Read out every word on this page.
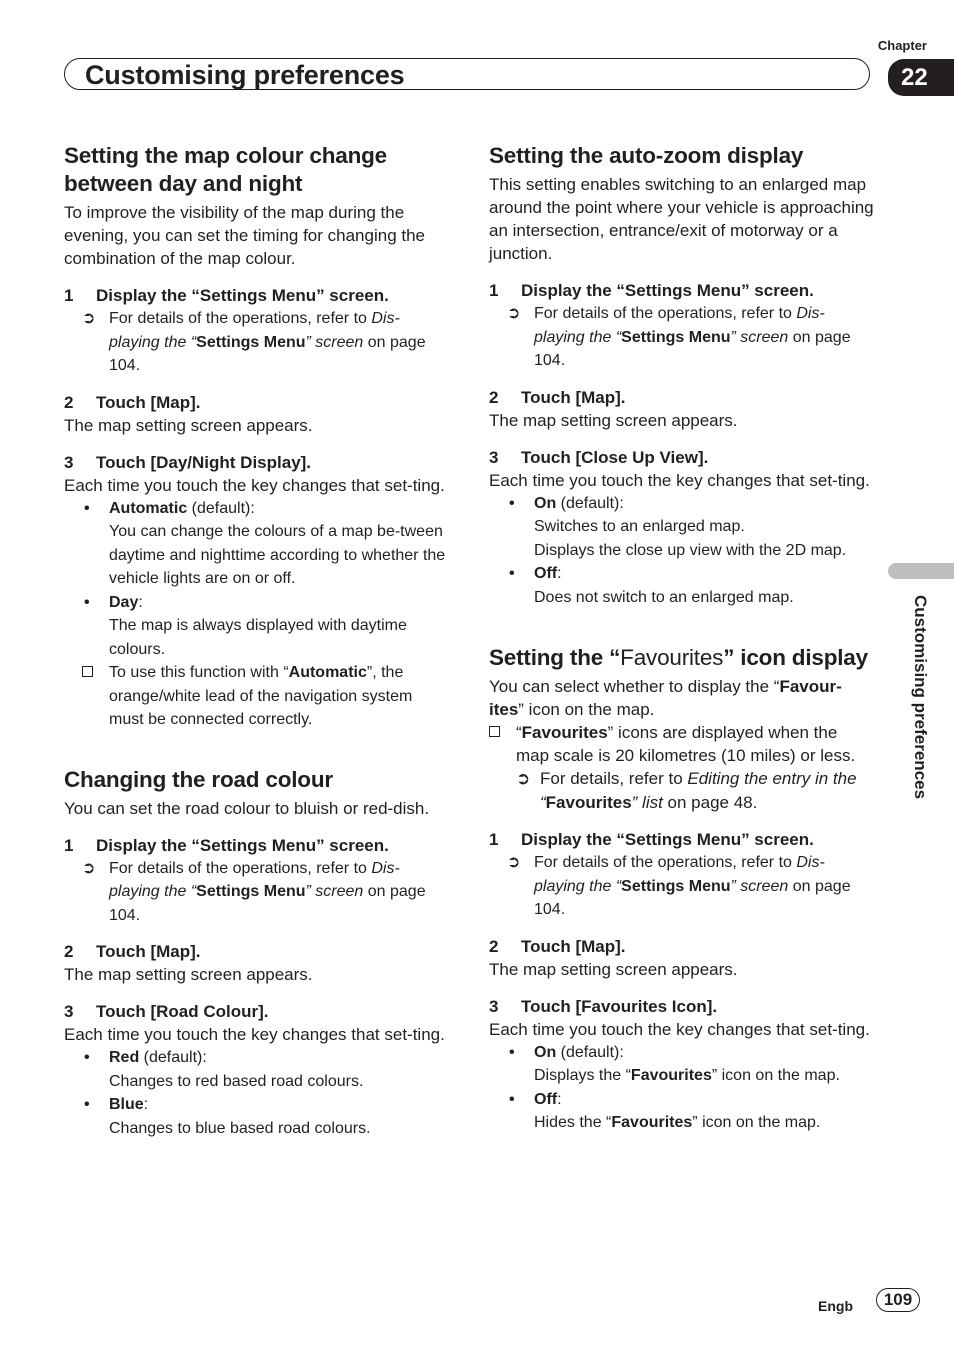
Chapter
Customising preferences	22
Customising preferences
Setting the map colour change between day and night

To improve the visibility of the map during the evening, you can set the timing for changing the combination of the map colour.

1 Display the “Settings Menu” screen.

➲ For details of the operations, refer to Dis-playing the “Settings Menu” screen on page 104.

2 Touch [Map].

The map setting screen appears.

3 Touch [Day/Night Display].

Each time you touch the key changes that set-ting.

• Automatic (default):

You can change the colours of a map be-tween daytime and nighttime according to whether the vehicle lights are on or off.

• Day:

The map is always displayed with daytime colours.

To use this function with “Automatic”, the orange/white lead of the navigation system must be connected correctly.

Changing the road colour

You can set the road colour to bluish or red-dish.

1 Display the “Settings Menu” screen.

➲ For details of the operations, refer to Dis-playing the “Settings Menu” screen on page 104.

2 Touch [Map].

The map setting screen appears.

3 Touch [Road Colour].

Each time you touch the key changes that set-ting.

• Red (default):

Changes to red based road colours.

• Blue:

Changes to blue based road colours.

Setting the auto-zoom display

This setting enables switching to an enlarged map around the point where your vehicle is approaching an intersection, entrance/exit of motorway or a junction.

1 Display the “Settings Menu” screen.

➲ For details of the operations, refer to Dis-playing the “Settings Menu” screen on page 104.

2 Touch [Map].

The map setting screen appears.

3 Touch [Close Up View].

Each time you touch the key changes that set-ting.

• On (default):

Switches to an enlarged map.

Displays the close up view with the 2D map.

• Off:

Does not switch to an enlarged map.

Setting the “Favourites” icon display

You can select whether to display the “Favour-ites” icon on the map.

“Favourites” icons are displayed when the map scale is 20 kilometres (10 miles) or less.

➲ For details, refer to Editing the entry in the “Favourites” list on page 48.

1 Display the “Settings Menu” screen.

➲ For details of the operations, refer to Dis-playing the “Settings Menu” screen on page 104.

2 Touch [Map].

The map setting screen appears.

3 Touch [Favourites Icon].

Each time you touch the key changes that set-ting.

• On (default):

Displays the “Favourites” icon on the map.

• Off:

Hides the “Favourites” icon on the map.

Engb	109
